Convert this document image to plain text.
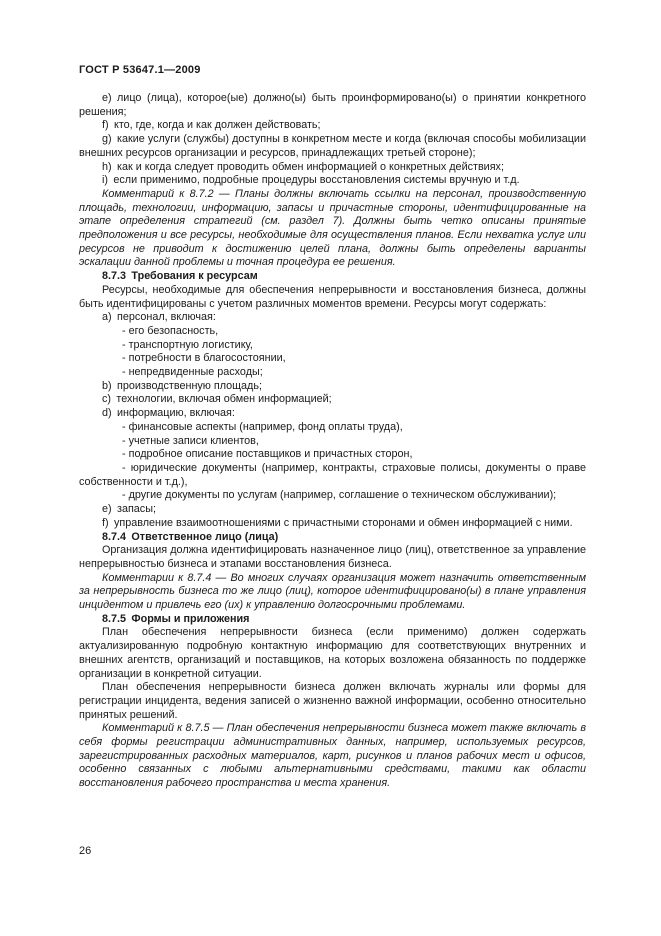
ГОСТ Р 53647.1—2009

e) лицо (лица), которое(ые) должно(ы) быть проинформировано(ы) о принятии конкретного решения;

f) кто, где, когда и как должен действовать;

g) какие услуги (службы) доступны в конкретном месте и когда (включая способы мобилизации внешних ресурсов организации и ресурсов, принадлежащих третьей стороне);

h) как и когда следует проводить обмен информацией о конкретных действиях;

i) если применимо, подробные процедуры восстановления системы вручную и т.д.

Комментарий к 8.7.2 — Планы должны включать ссылки на персонал, производственную площадь, технологии, информацию, запасы и причастные стороны, идентифицированные на этапе определения стратегий (см. раздел 7). Должны быть четко описаны принятые предположения и все ресурсы, необходимые для осуществления планов. Если нехватка услуг или ресурсов не приводит к достижению целей плана, должны быть определены варианты эскалации данной проблемы и точная процедура ее решения.

8.7.3 Требования к ресурсам

Ресурсы, необходимые для обеспечения непрерывности и восстановления бизнеса, должны быть идентифицированы с учетом различных моментов времени. Ресурсы могут содержать:

a) персонал, включая:

- его безопасность,

- транспортную логистику,

- потребности в благосостоянии,

- непредвиденные расходы;

b) производственную площадь;

c) технологии, включая обмен информацией;

d) информацию, включая:

- финансовые аспекты (например, фонд оплаты труда),

- учетные записи клиентов,

- подробное описание поставщиков и причастных сторон,

- юридические документы (например, контракты, страховые полисы, документы о праве собственности и т.д.),

- другие документы по услугам (например, соглашение о техническом обслуживании);

e) запасы;

f) управление взаимоотношениями с причастными сторонами и обмен информацией с ними.

8.7.4 Ответственное лицо (лица)

Организация должна идентифицировать назначенное лицо (лиц), ответственное за управление непрерывностью бизнеса и этапами восстановления бизнеса.

Комментарии к 8.7.4 — Во многих случаях организация может назначить ответственным за непрерывность бизнеса то же лицо (лиц), которое идентифицировано(ы) в плане управления инцидентом и привлечь его (их) к управлению долгосрочными проблемами.

8.7.5 Формы и приложения

План обеспечения непрерывности бизнеса (если применимо) должен содержать актуализированную подробную контактную информацию для соответствующих внутренних и внешних агентств, организаций и поставщиков, на которых возложена обязанность по поддержке организации в конкретной ситуации.

План обеспечения непрерывности бизнеса должен включать журналы или формы для регистрации инцидента, ведения записей о жизненно важной информации, особенно относительно принятых решений.

Комментарий к 8.7.5 — План обеспечения непрерывности бизнеса может также включать в себя формы регистрации административных данных, например, используемых ресурсов, зарегистрированных расходных материалов, карт, рисунков и планов рабочих мест и офисов, особенно связанных с любыми альтернативными средствами, такими как области восстановления рабочего пространства и места хранения.

26
